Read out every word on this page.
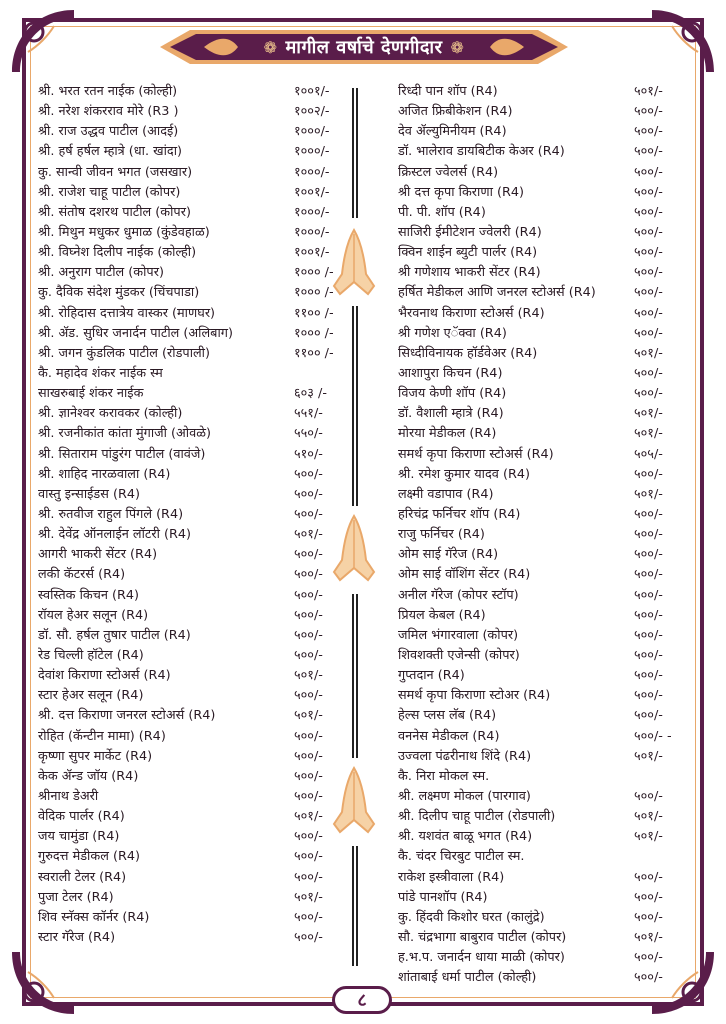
❁ मागील वर्षाचे देणगीदार ❁
श्री. भरत रतन नाईक (कोल्ही)	१००१/-
श्री. नरेश शंकरराव मोरे (R3 )	१००२/-
श्री. राज उद्धव पाटील (आदई)	१०००/-
श्री. हर्ष हर्षल म्हात्रे (धा. खांदा)	१०००/-
कु. सान्वी जीवन भगत (जसखार)	१०००/-
श्री. राजेश चाहू पाटील (कोपर)	१००१/-
श्री. संतोष दशरथ पाटील (कोपर)	१०००/-
श्री. मिथुन मधुकर धुमाळ (कुंडेवहाळ)	१०००/-
श्री. विघ्नेश दिलीप नाईक (कोल्ही)	१००१/-
श्री. अनुराग पाटील (कोपर)	१००० /-
कु. दैविक संदेश मुंडकर (चिंचपाडा)	१००० /-
श्री. रोहिदास दत्तात्रेय वास्कर (माणघर)	११०० /-
श्री. ॲड. सुधिर जनार्दन पाटील (अलिबाग)	१००० /-
श्री. जगन कुंडलिक पाटील (रोडपाली)	११०० /-
कै. महादेव शंकर नाईक स्म
साखरुबाई शंकर नाईक	६०३ /-
श्री. ज्ञानेश्वर करावकर (कोल्ही)	५५१/-
श्री. रजनीकांत कांता मुंगाजी (ओवळे)	५५०/-
श्री. सिताराम पांडुरंग पाटील (वावंजे)	५१०/-
श्री. शाहिद नारळवाला (R4)	५००/-
वास्तु इन्साईडस (R4)	५००/-
श्री. रुतवीज राहुल पिंगले (R4)	५००/-
श्री. देवेंद्र ऑनलाईन लॉटरी (R4)	५०१/-
आगरी भाकरी सेंटर (R4)	५००/-
लकी कॅटरर्स (R4)	५००/-
स्वस्तिक किचन (R4)	५००/-
रॉयल हेअर सलून (R4)	५००/-
डॉ. सौ. हर्षल तुषार पाटील (R4)	५००/-
रेड चिल्ली हॉटेल (R4)	५००/-
देवांश किराणा स्टोअर्स (R4)	५०१/-
स्टार हेअर सलून (R4)	५००/-
श्री. दत्त किराणा जनरल स्टोअर्स (R4)	५०१/-
रोहित (कॅन्टीन मामा) (R4)	५००/-
कृष्णा सुपर मार्केट (R4)	५००/-
केक ॲन्ड जॉय (R4)	५००/-
श्रीनाथ डेअरी	५००/-
वेदिक पार्लर (R4)	५०१/-
जय चामुंडा (R4)	५००/-
गुरुदत्त मेडीकल (R4)	५००/-
स्वराली टेलर (R4)	५००/-
पुजा टेलर (R4)	५०१/-
शिव स्नॅक्स कॉर्नर (R4)	५००/-
स्टार गॅरेज (R4)	५००/-
रिध्दी पान शॉप (R4)	५०१/-
अजित फ्रिबीकेशन (R4)	५००/-
देव ॲल्युमिनीयम (R4)	५००/-
डॉ. भालेराव डायबिटीक केअर (R4)	५००/-
क्रिस्टल ज्वेलर्स (R4)	५००/-
श्री दत्त कृपा किराणा (R4)	५००/-
पी. पी. शॉप (R4)	५००/-
साजिरी ईमीटेशन ज्वेलरी (R4)	५००/-
क्विन शाईन ब्युटी पार्लर (R4)	५००/-
श्री गणेशाय भाकरी सेंटर (R4)	५००/-
हर्षित मेडीकल आणि जनरल स्टोअर्स (R4)	५००/-
भैरवनाथ किराणा स्टोअर्स (R4)	५००/-
श्री गणेश एॅक्वा (R4)	५००/-
सिध्दीविनायक हॉर्डवेअर (R4)	५०१/-
आशापुरा किचन (R4)	५००/-
विजय केणी शॉप (R4)	५००/-
डॉ. वैशाली म्हात्रे (R4)	५०१/-
मोरया मेडीकल (R4)	५०१/-
समर्थ कृपा किराणा स्टोअर्स (R4)	५०५/-
श्री. रमेश कुमार यादव (R4)	५००/-
लक्ष्मी वडापाव (R4)	५०१/-
हरिचंद्र फर्निचर शॉप (R4)	५००/-
राजु फर्निचर (R4)	५००/-
ओम साई गॅरेज (R4)	५००/-
ओम साई वॉशिंग सेंटर (R4)	५००/-
अनील गॅरेज (कोपर स्टॉप)	५००/-
प्रियल केबल (R4)	५००/-
जमिल भंगारवाला (कोपर)	५००/-
शिवशक्ती एजेन्सी (कोपर)	५००/-
गुप्तदान (R4)	५००/-
समर्थ कृपा किराणा स्टोअर (R4)	५००/-
हेल्स प्लस लॅब (R4)	५००/-
वननेस मेडीकल (R4)	५००/- -
उज्वला पंढरीनाथ शिंदे (R4)	५०१/-
कै. निरा मोकल स्म.
श्री. लक्ष्मण मोकल (पारगाव)	५००/-
श्री. दिलीप चाहू पाटील (रोडपाली)	५०१/-
श्री. यशवंत बाळू भगत (R4)	५०१/-
कै. चंदर चिरबुट पाटील स्म.
राकेश इस्त्रीवाला (R4)	५००/-
पांडे पानशॉप (R4)	५००/-
कु. हिंदवी किशोर घरत (कालुंद्रे)	५००/-
सौ. चंद्रभागा बाबुराव पाटील (कोपर)	५०१/-
ह.भ.प. जनार्दन धाया माळी (कोपर)	५००/-
शांताबाई धर्मा पाटील (कोल्ही)	५००/-
८
